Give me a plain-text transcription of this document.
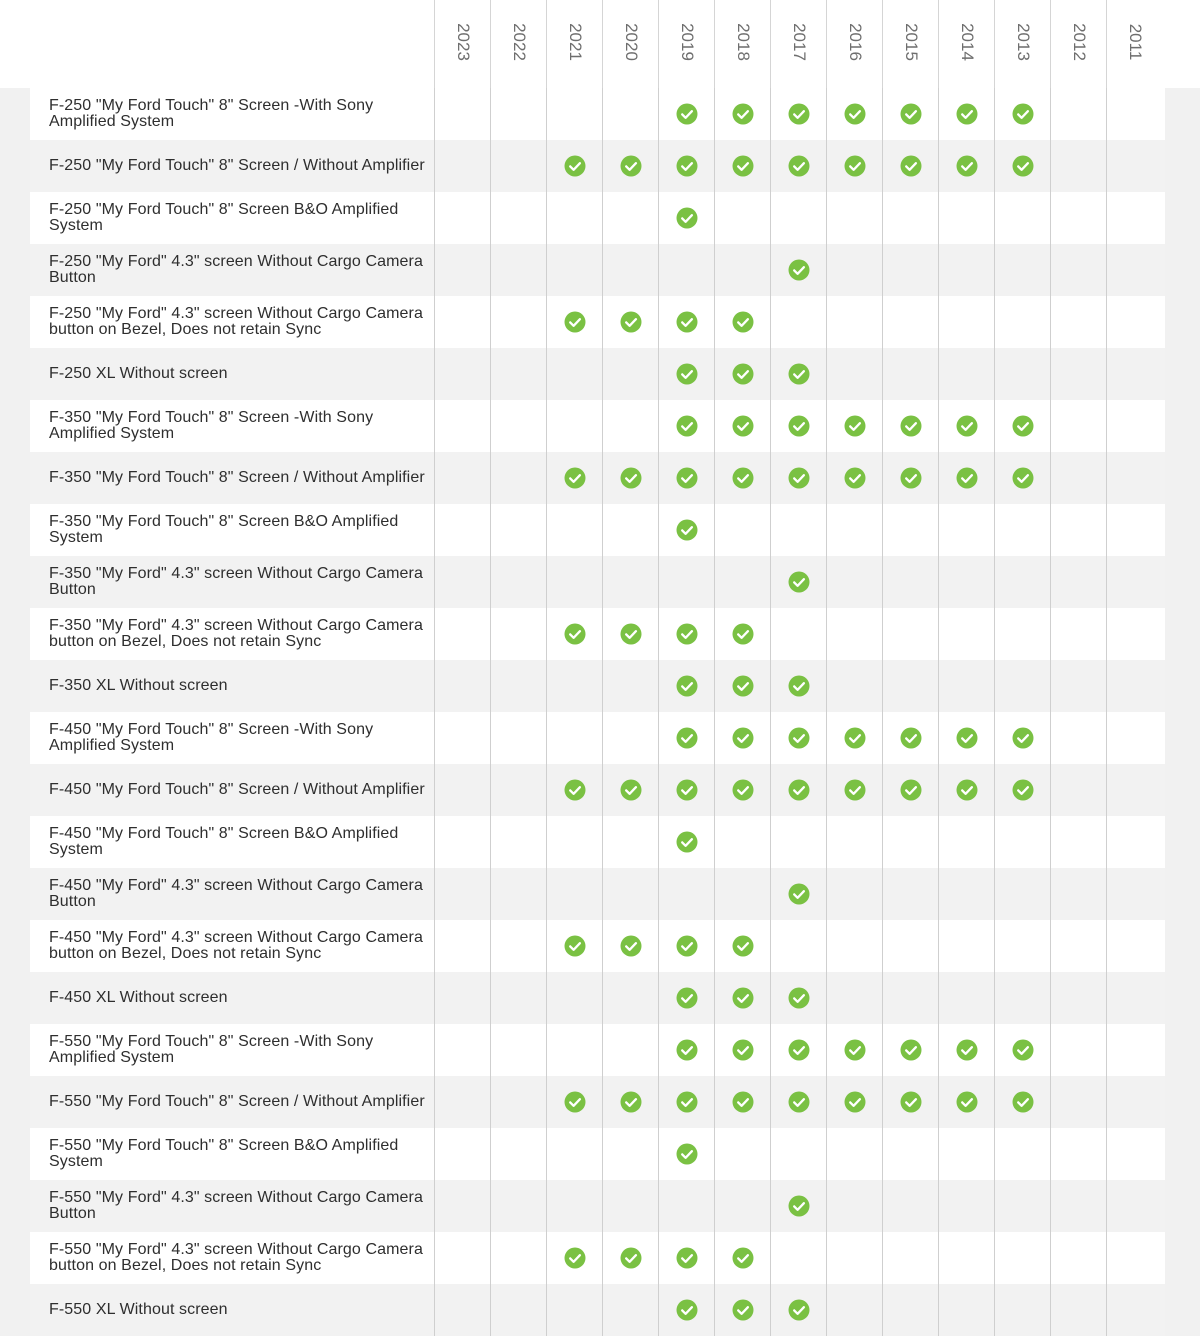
2023 2022 2021 2020 2019 2018 2017 2016 2015 2014 2013 2012 2011
F-250 "My Ford Touch" 8" Screen -With Sony Amplified System
F-250 "My Ford Touch" 8" Screen / Without Amplifier
F-250 "My Ford Touch" 8" Screen B&O Amplified System
F-250 "My Ford" 4.3" screen Without Cargo Camera Button
F-250 "My Ford" 4.3" screen Without Cargo Camera button on Bezel, Does not retain Sync
F-250 XL Without screen
F-350 "My Ford Touch" 8" Screen -With Sony Amplified System
F-350 "My Ford Touch" 8" Screen / Without Amplifier
F-350 "My Ford Touch" 8" Screen B&O Amplified System
F-350 "My Ford" 4.3" screen Without Cargo Camera Button
F-350 "My Ford" 4.3" screen Without Cargo Camera button on Bezel, Does not retain Sync
F-350 XL Without screen
F-450 "My Ford Touch" 8" Screen -With Sony Amplified System
F-450 "My Ford Touch" 8" Screen / Without Amplifier
F-450 "My Ford Touch" 8" Screen B&O Amplified System
F-450 "My Ford" 4.3" screen Without Cargo Camera Button
F-450 "My Ford" 4.3" screen Without Cargo Camera button on Bezel, Does not retain Sync
F-450 XL Without screen
F-550 "My Ford Touch" 8" Screen -With Sony Amplified System
F-550 "My Ford Touch" 8" Screen / Without Amplifier
F-550 "My Ford Touch" 8" Screen B&O Amplified System
F-550 "My Ford" 4.3" screen Without Cargo Camera Button
F-550 "My Ford" 4.3" screen Without Cargo Camera button on Bezel, Does not retain Sync
F-550 XL Without screen
